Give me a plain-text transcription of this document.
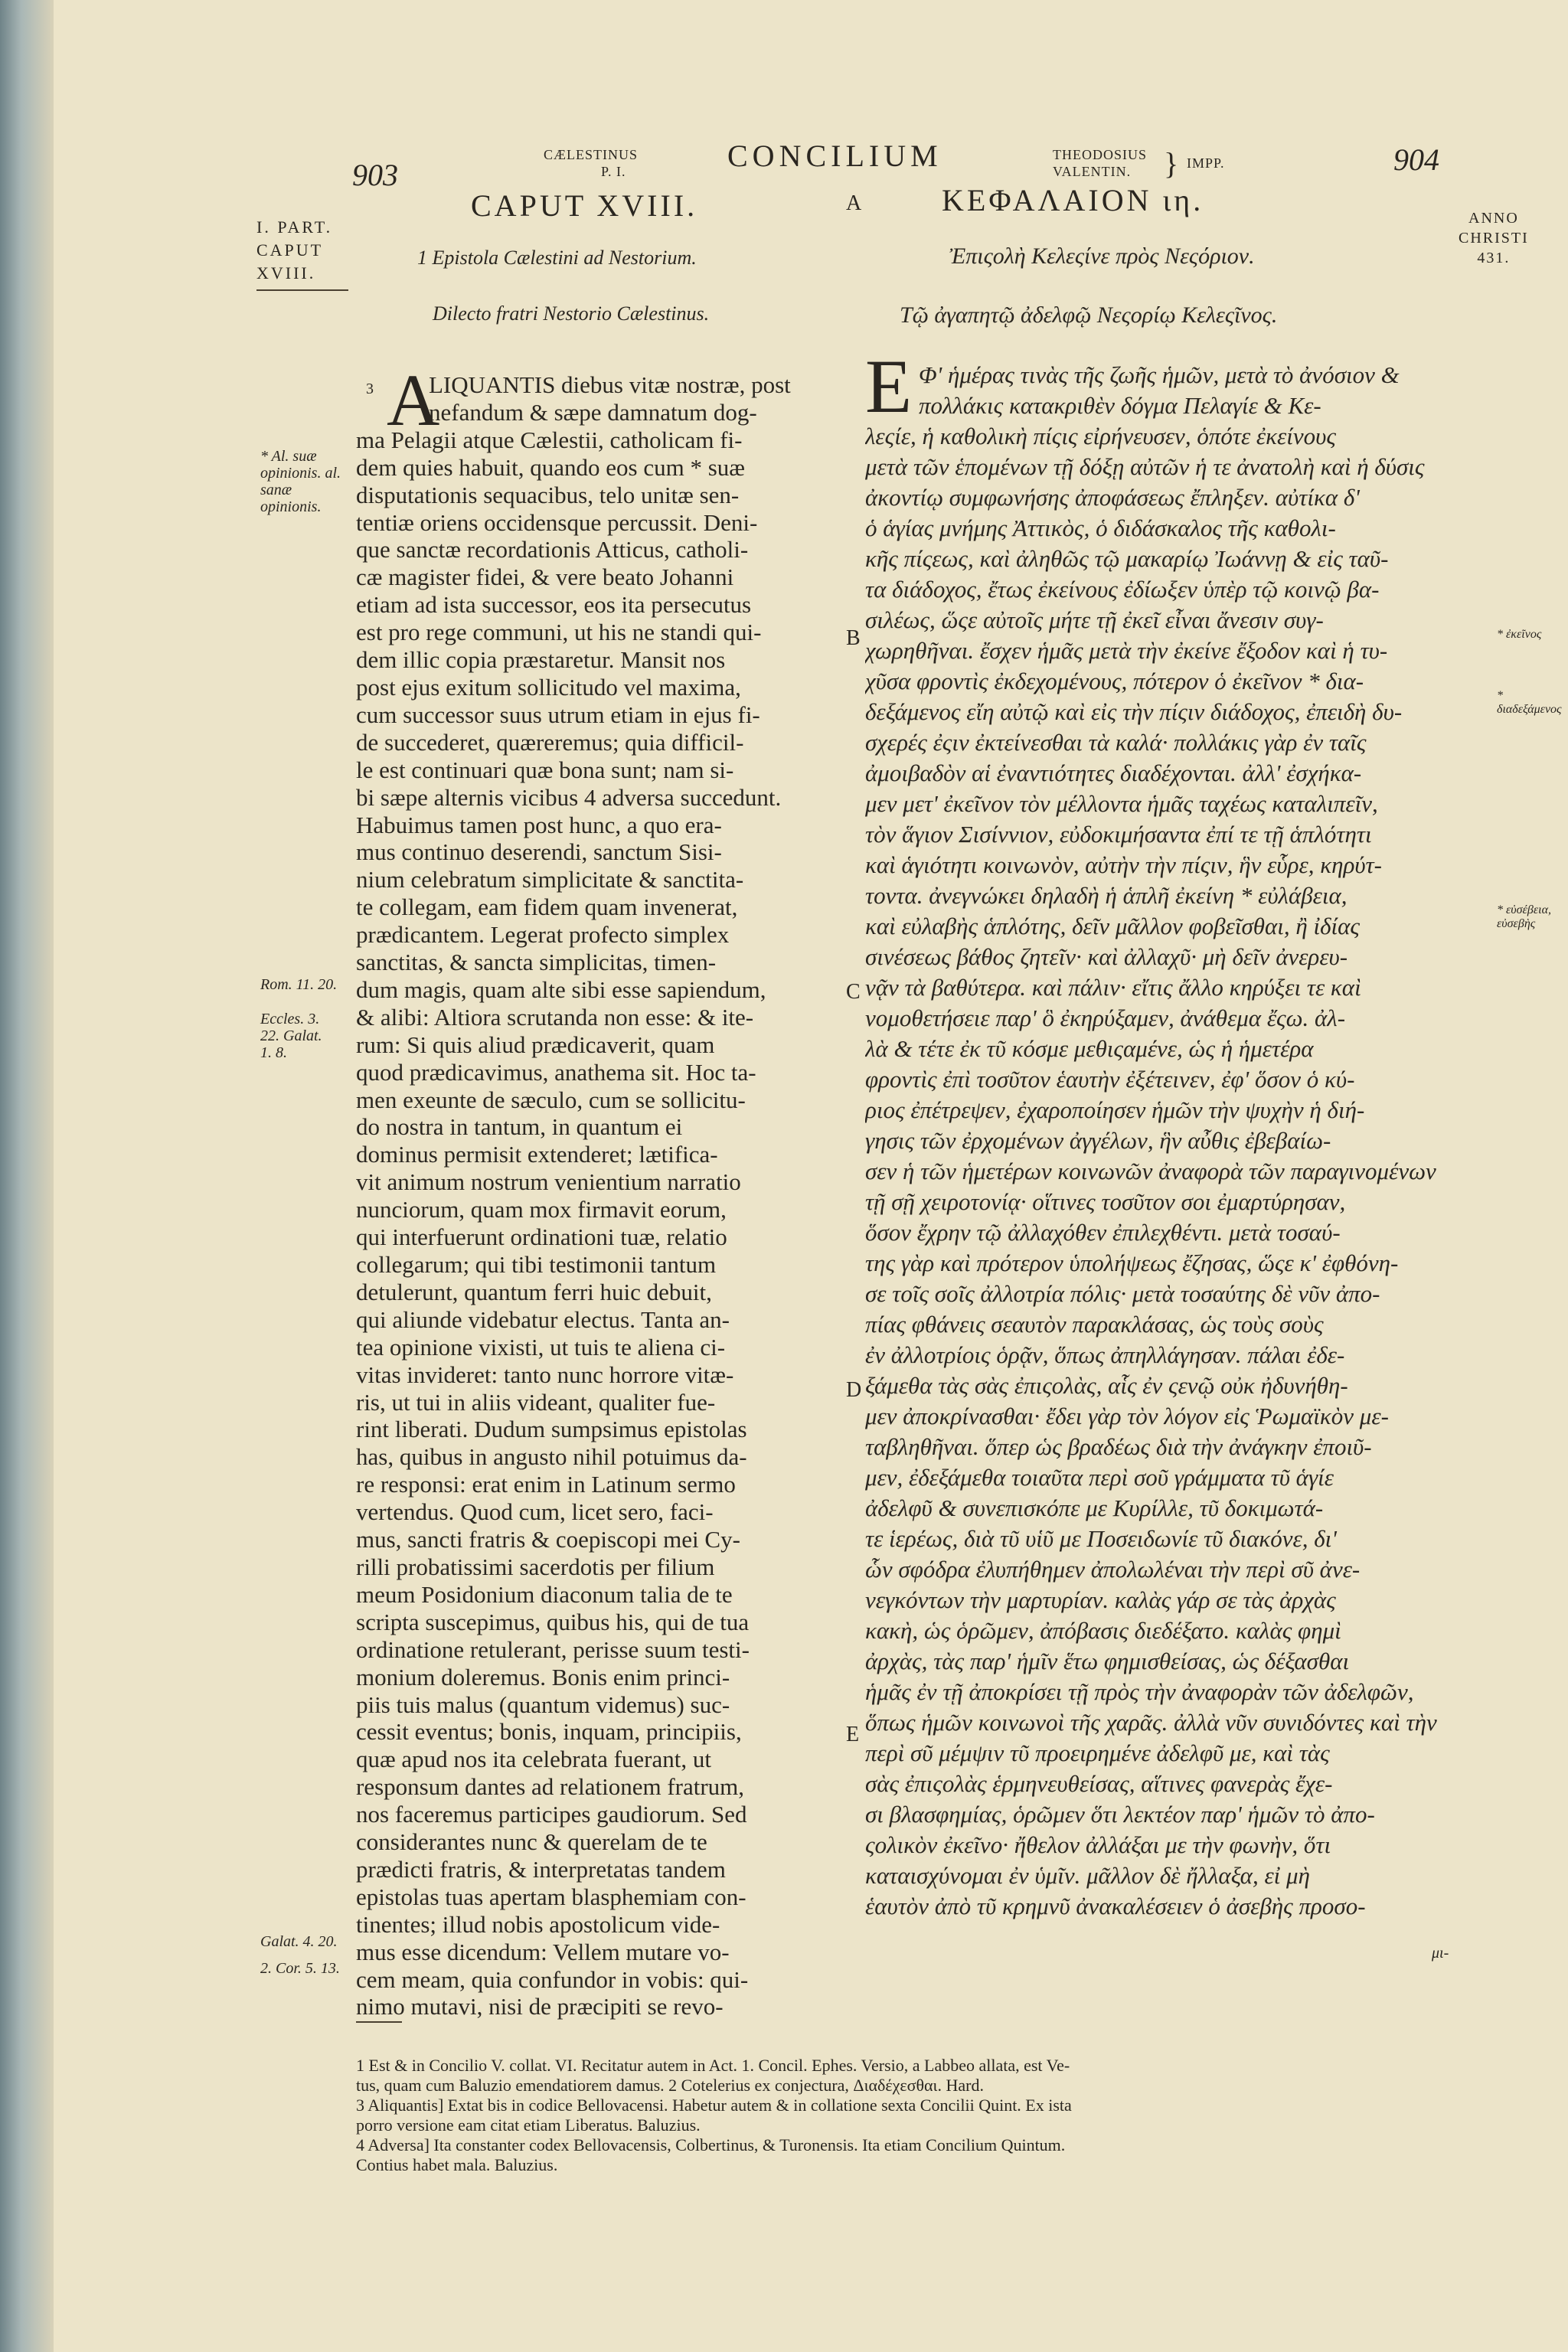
903
CÆLESTINUS
P. I.	CONCILIUM	THEODOSIUS
VALENTIN. } IMPP.	904
I. PART.
CAPUT
XVIII.
ANNO
CHRISTI
431.
CAPUT XVIII.
1 Epistola Cælestini ad Nestorium.
Dilecto fratri Nestorio Cælestinus.
ΚΕΦΑΛΑΙΟΝ ιη.
Ἐπιςολὴ Κελεςίνε πρὸς Νεςόριον.
Τῷ ἀγαπητῷ ἀδελφῷ Νεςορίῳ Κελεςῖνος.
A
B
C
D
E
3 A
LIQUANTIS diebus vitæ nostræ, post
nefandum & sæpe damnatum dog-
ma Pelagii atque Cælestii, catholicam fi-
dem quies habuit, quando eos cum * suæ
disputationis sequacibus, telo unitæ sen-
tentiæ oriens occidensque percussit. Deni-
que sanctæ recordationis Atticus, catholi-
cæ magister fidei, & vere beato Johanni
etiam ad ista successor, eos ita persecutus
est pro rege communi, ut his ne standi qui-
dem illic copia præstaretur. Mansit nos
post ejus exitum sollicitudo vel maxima,
cum successor suus utrum etiam in ejus fi-
de succederet, quæreremus; quia difficil-
le est continuari quæ bona sunt; nam si-
bi sæpe alternis vicibus 4 adversa succedunt.
Habuimus tamen post hunc, a quo era-
mus continuo deserendi, sanctum Sisi-
nium celebratum simplicitate & sanctita-
te collegam, eam fidem quam invenerat,
prædicantem. Legerat profecto simplex
sanctitas, & sancta simplicitas, timen-
dum magis, quam alte sibi esse sapiendum,
& alibi: Altiora scrutanda non esse: & ite-
rum: Si quis aliud prædicaverit, quam
quod prædicavimus, anathema sit. Hoc ta-
men exeunte de sæculo, cum se sollicitu-
do nostra in tantum, in quantum ei
dominus permisit extenderet; lætifica-
vit animum nostrum venientium narratio
nunciorum, quam mox firmavit eorum,
qui interfuerunt ordinationi tuæ, relatio
collegarum; qui tibi testimonii tantum
detulerunt, quantum ferri huic debuit,
qui aliunde videbatur electus. Tanta an-
tea opinione vixisti, ut tuis te aliena ci-
vitas invideret: tanto nunc horrore vitæ-
ris, ut tui in aliis videant, qualiter fue-
rint liberati. Dudum sumpsimus epistolas
has, quibus in angusto nihil potuimus da-
re responsi: erat enim in Latinum sermo
vertendus. Quod cum, licet sero, faci-
mus, sancti fratris & coepiscopi mei Cy-
rilli probatissimi sacerdotis per filium
meum Posidonium diaconum talia de te
scripta suscepimus, quibus his, qui de tua
ordinatione retulerant, perisse suum testi-
monium doleremus. Bonis enim princi-
piis tuis malus (quantum videmus) suc-
cessit eventus; bonis, inquam, principiis,
quæ apud nos ita celebrata fuerant, ut
responsum dantes ad relationem fratrum,
nos faceremus participes gaudiorum. Sed
considerantes nunc & querelam de te
prædicti fratris, & interpretatas tandem
epistolas tuas apertam blasphemiam con-
tinentes; illud nobis apostolicum vide-
mus esse dicendum: Vellem mutare vo-
cem meam, quia confundor in vobis: qui-
nimo mutavi, nisi de præcipiti se revo-
Ε Φ' ἡμέρας τινὰς τῆς ζωῆς ἡμῶν, μετὰ τὸ ἀνόσιον &
πολλάκις κατακριθὲν δόγμα Πελαγίε & Κε-
λεςίε, ἡ καθολικὴ πίςις εἰρήνευσεν, ὁπότε ἐκείνους
μετὰ τῶν ἑπομένων τῇ δόξῃ αὐτῶν ἡ τε ἀνατολὴ καὶ ἡ δύσις
ἀκοντίῳ συμφωνήσης ἀποφάσεως ἔπληξεν. αὐτίκα δ'
ὁ ἁγίας μνήμης Ἀττικὸς, ὁ διδάσκαλος τῆς καθολι-
κῆς πίςεως, καὶ ἀληθῶς τῷ μακαρίῳ Ἰωάννῃ & εἰς ταῦ-
τα διάδοχος, ἔτως ἐκείνους ἐδίωξεν ὑπὲρ τῷ κοινῷ βα-
σιλέως, ὥςε αὐτοῖς μήτε τῇ ἐκεῖ εἶναι ἄνεσιν συγ-
χωρηθῆναι. ἔσχεν ἡμᾶς μετὰ τὴν ἐκείνε ἔξοδον καὶ ἡ τυ-
χῦσα φροντὶς ἐκδεχομένους, πότερον ὁ ἐκεῖνον * δια-
δεξάμενος εἴη αὐτῷ καὶ εἰς τὴν πίςιν διάδοχος, ἐπειδὴ δυ-
σχερές ἐςιν ἐκτείνεσθαι τὰ καλά· πολλάκις γὰρ ἐν ταῖς
ἀμοιβαδὸν αἱ ἐναντιότητες διαδέχονται. ἀλλ' ἐσχήκα-
μεν μετ' ἐκεῖνον τὸν μέλλοντα ἡμᾶς ταχέως καταλιπεῖν,
τὸν ἅγιον Σισίννιον, εὐδοκιμήσαντα ἐπί τε τῇ ἁπλότητι
καὶ ἁγιότητι κοινωνὸν, αὐτὴν τὴν πίςιν, ἣν εὗρε, κηρύτ-
τοντα. ἀνεγνώκει δηλαδὴ ἡ ἁπλῆ ἐκείνη * εὐλάβεια,
καὶ εὐλαβὴς ἁπλότης, δεῖν μᾶλλον φοβεῖσθαι, ἢ ἰδίας
σινέσεως βάθος ζητεῖν· καὶ ἀλλαχῦ· μὴ δεῖν ἀνερευ-
νᾷν τὰ βαθύτερα. καὶ πάλιν· εἴτις ἄλλο κηρύξει τε καὶ
νομοθετήσειε παρ' ὃ ἐκηρύξαμεν, ἀνάθεμα ἔςω. ἀλ-
λὰ & τέτε ἐκ τῦ κόσμε μεθιςαμένε, ὡς ἡ ἡμετέρα
φροντὶς ἐπὶ τοσῦτον ἑαυτὴν ἐξέτεινεν, ἐφ' ὅσον ὁ κύ-
ριος ἐπέτρεψεν, ἐχαροποίησεν ἡμῶν τὴν ψυχὴν ἡ διή-
γησις τῶν ἐρχομένων ἀγγέλων, ἣν αὖθις ἐβεβαίω-
σεν ἡ τῶν ἡμετέρων κοινωνῶν ἀναφορὰ τῶν παραγινομένων
τῇ σῇ χειροτονίᾳ· οἵτινες τοσῦτον σοι ἐμαρτύρησαν,
ὅσον ἔχρην τῷ ἀλλαχόθεν ἐπιλεχθέντι. μετὰ τοσαύ-
της γὰρ καὶ πρότερον ὑπολήψεως ἔζησας, ὥςε κ' ἐφθόνη-
σε τοῖς σοῖς ἀλλοτρία πόλις· μετὰ τοσαύτης δὲ νῦν ἀπο-
πίας φθάνεις σεαυτὸν παρακλάσας, ὡς τοὺς σοὺς
ἐν ἀλλοτρίοις ὁρᾷν, ὅπως ἀπηλλάγησαν. πάλαι ἐδε-
ξάμεθα τὰς σὰς ἐπιςολὰς, αἷς ἐν ςενῷ οὐκ ἠδυνήθη-
μεν ἀποκρίνασθαι· ἔδει γὰρ τὸν λόγον εἰς Ῥωμαϊκὸν με-
ταβληθῆναι. ὅπερ ὡς βραδέως διὰ τὴν ἀνάγκην ἐποιῦ-
μεν, ἐδεξάμεθα τοιαῦτα περὶ σοῦ γράμματα τῦ ἁγίε
ἀδελφῦ & συνεπισκόπε με Κυρίλλε, τῦ δοκιμωτά-
τε ἱερέως, διὰ τῦ υἱῦ με Ποσειδωνίε τῦ διακόνε, δι'
ὧν σφόδρα ἐλυπήθημεν ἀπολωλέναι τὴν περὶ σῦ ἀνε-
νεγκόντων τὴν μαρτυρίαν. καλὰς γάρ σε τὰς ἀρχὰς
κακὴ, ὡς ὁρῶμεν, ἀπόβασις διεδέξατο. καλὰς φημὶ
ἀρχὰς, τὰς παρ' ἡμῖν ἕτω φημισθείσας, ὡς δέξασθαι
ἡμᾶς ἐν τῇ ἀποκρίσει τῇ πρὸς τὴν ἀναφορὰν τῶν ἀδελφῶν,
ὅπως ἡμῶν κοινωνοὶ τῆς χαρᾶς. ἀλλὰ νῦν συνιδόντες καὶ τὴν
περὶ σῦ μέμψιν τῦ προειρημένε ἀδελφῦ με, καὶ τὰς
σὰς ἐπιςολὰς ἑρμηνευθείσας, αἵτινες φανερὰς ἔχε-
σι βλασφημίας, ὁρῶμεν ὅτι λεκτέον παρ' ἡμῶν τὸ ἀπο-
ςολικὸν ἐκεῖνο· ἤθελον ἀλλάξαι με τὴν φωνὴν, ὅτι
καταισχύνομαι ἐν ὑμῖν. μᾶλλον δὲ ἤλλαξα, εἰ μὴ
ἑαυτὸν ἀπὸ τῦ κρημνῦ ἀνακαλέσειεν ὁ ἀσεβὴς προσο-
μι-
* Al. suæ opinionis. al. sanæ opinionis.
Rom. 11. 20.
Eccles. 3. 22. Galat. 1. 8.
Galat. 4. 20.
2. Cor. 5. 13.
* ἐκεῖνος
* διαδεξάμενος
* εὐσέβεια, εὐσεβὴς
1 Est & in Concilio V. collat. VI. Recitatur autem in Act. 1. Concil. Ephes. Versio, a Labbeo allata, est Ve-
tus, quam cum Baluzio emendatiorem damus. 2 Cotelerius ex conjectura, Διαδέχεσθαι. Hard.
3 Aliquantis] Extat bis in codice Bellovacensi. Habetur autem & in collatione sexta Concilii Quint. Ex ista
porro versione eam citat etiam Liberatus. Baluzius.
4 Adversa] Ita constanter codex Bellovacensis, Colbertinus, & Turonensis. Ita etiam Concilium Quintum.
Contius habet mala. Baluzius.
